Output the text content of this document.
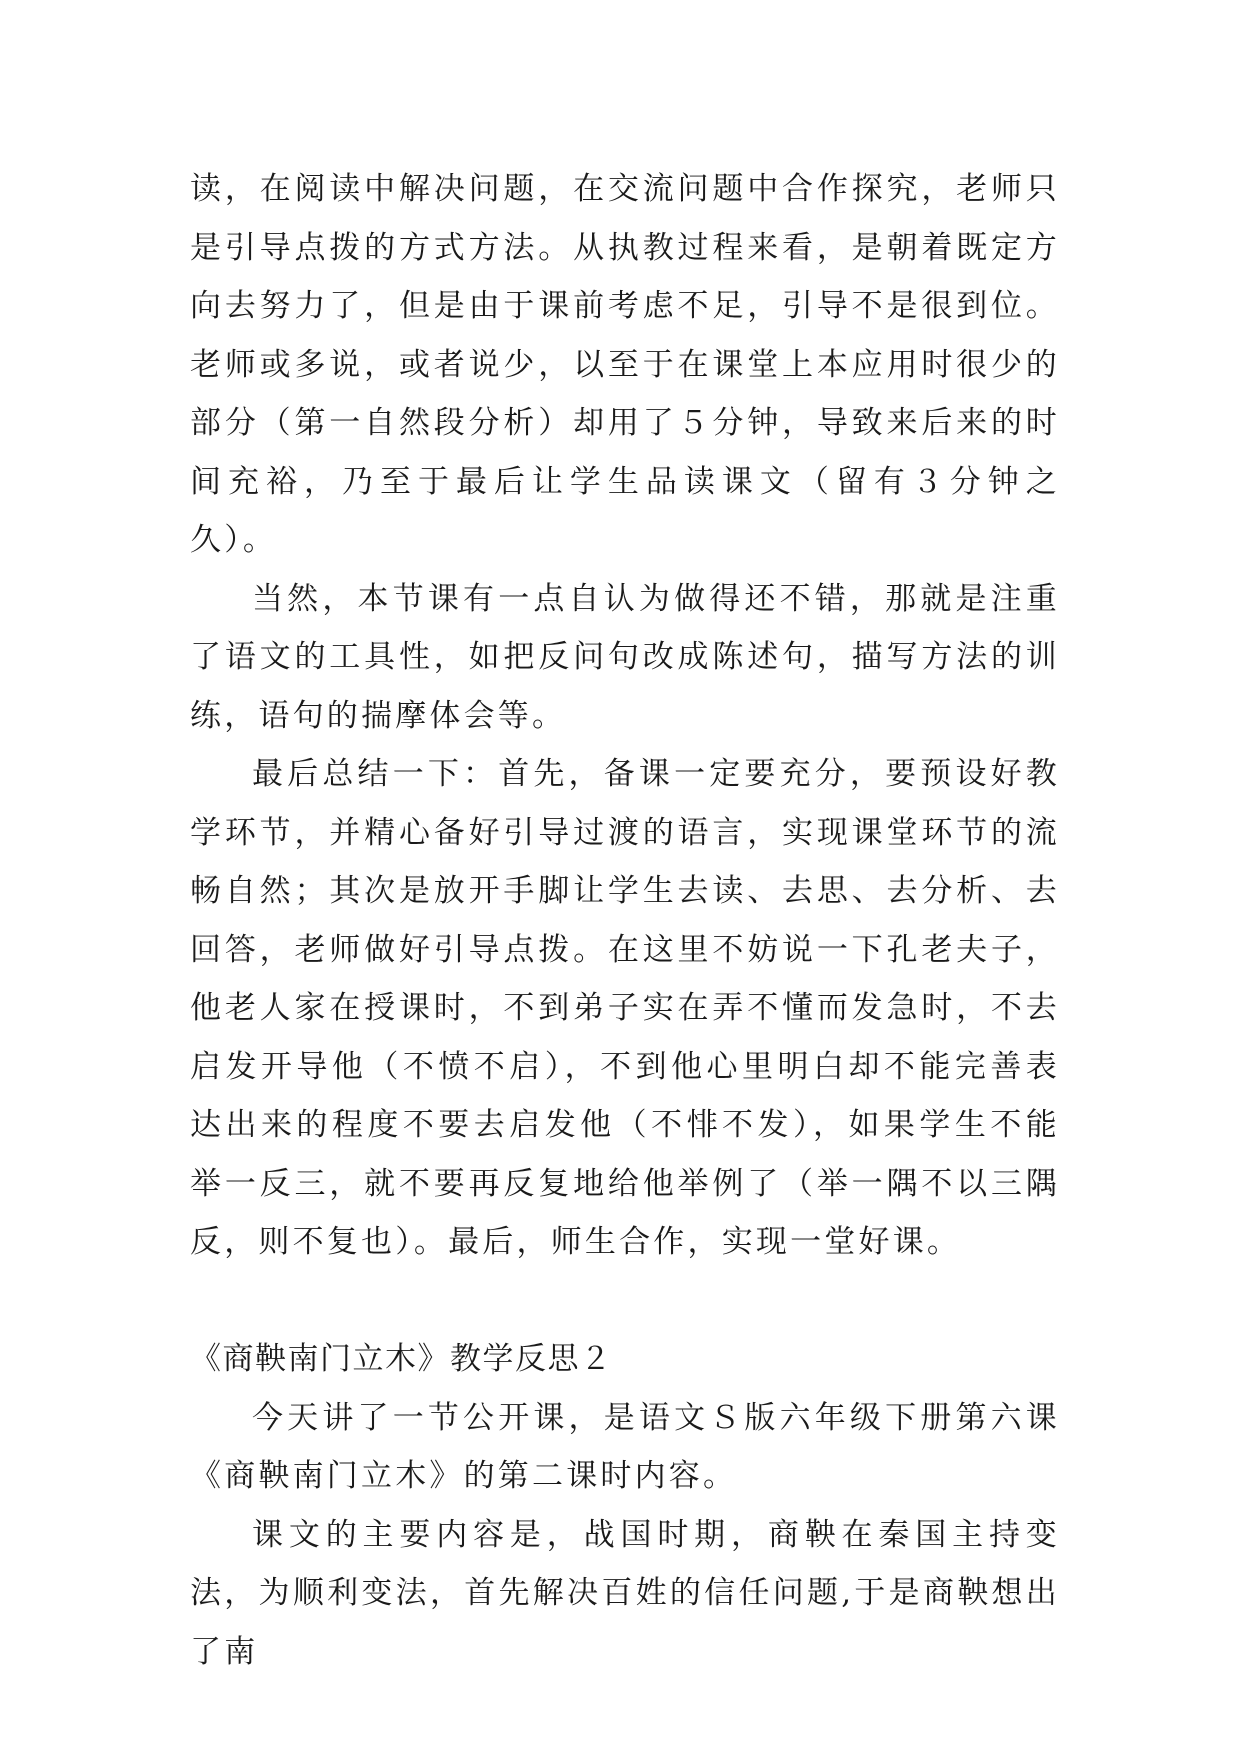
读，在阅读中解决问题，在交流问题中合作探究，老师只是引导点拨的方式方法。从执教过程来看，是朝着既定方向去努力了，但是由于课前考虑不足，引导不是很到位。老师或多说，或者说少，以至于在课堂上本应用时很少的部分（第一自然段分析）却用了５分钟，导致来后来的时间充裕，乃至于最后让学生品读课文（留有３分钟之久）。

当然，本节课有一点自认为做得还不错，那就是注重了语文的工具性，如把反问句改成陈述句，描写方法的训练，语句的揣摩体会等。

最后总结一下：首先，备课一定要充分，要预设好教学环节，并精心备好引导过渡的语言，实现课堂环节的流畅自然；其次是放开手脚让学生去读、去思、去分析、去回答，老师做好引导点拨。在这里不妨说一下孔老夫子，他老人家在授课时，不到弟子实在弄不懂而发急时，不去启发开导他（不愤不启），不到他心里明白却不能完善表达出来的程度不要去启发他（不悱不发），如果学生不能举一反三，就不要再反复地给他举例了（举一隅不以三隅反，则不复也）。最后，师生合作，实现一堂好课。

《商鞅南门立木》教学反思２

今天讲了一节公开课，是语文Ｓ版六年级下册第六课《商鞅南门立木》的第二课时内容。

课文的主要内容是，战国时期，商鞅在秦国主持变法，为顺利变法，首先解决百姓的信任问题,于是商鞅想出了南
